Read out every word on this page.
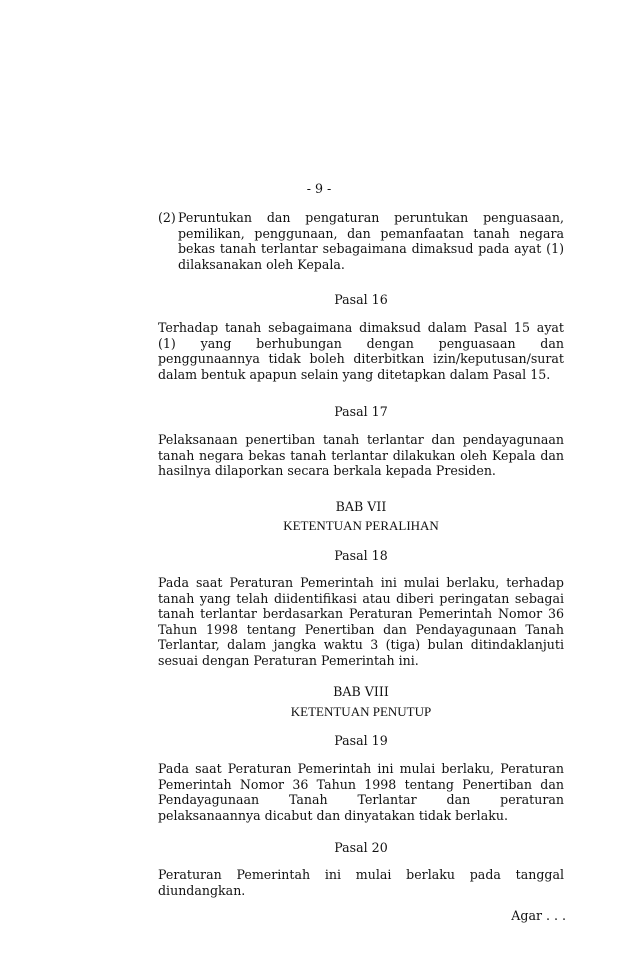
- 9 -
(2) Peruntukan dan pengaturan peruntukan penguasaan, pemilikan, penggunaan, dan pemanfaatan tanah negara bekas tanah terlantar sebagaimana dimaksud pada ayat (1) dilaksanakan oleh Kepala.
Pasal 16
Terhadap tanah sebagaimana dimaksud dalam Pasal 15 ayat (1) yang berhubungan dengan penguasaan dan penggunaannya tidak boleh diterbitkan izin/keputusan/surat dalam bentuk apapun selain yang ditetapkan dalam Pasal 15.
Pasal 17
Pelaksanaan penertiban tanah terlantar dan pendayagunaan tanah negara bekas tanah terlantar dilakukan oleh Kepala dan hasilnya dilaporkan secara berkala kepada Presiden.
BAB VII
KETENTUAN PERALIHAN
Pasal 18
Pada saat Peraturan Pemerintah ini mulai berlaku, terhadap tanah yang telah diidentifikasi atau diberi peringatan sebagai tanah terlantar berdasarkan Peraturan Pemerintah Nomor 36 Tahun 1998 tentang Penertiban dan Pendayagunaan Tanah Terlantar, dalam jangka waktu 3 (tiga) bulan ditindaklanjuti sesuai dengan Peraturan Pemerintah ini.
BAB VIII
KETENTUAN PENUTUP
Pasal 19
Pada saat Peraturan Pemerintah ini mulai berlaku, Peraturan Pemerintah Nomor 36 Tahun 1998 tentang Penertiban dan Pendayagunaan Tanah Terlantar dan peraturan pelaksanaannya dicabut dan dinyatakan tidak berlaku.
Pasal 20
Peraturan Pemerintah ini mulai berlaku pada tanggal
diundangkan.
Agar . . .
